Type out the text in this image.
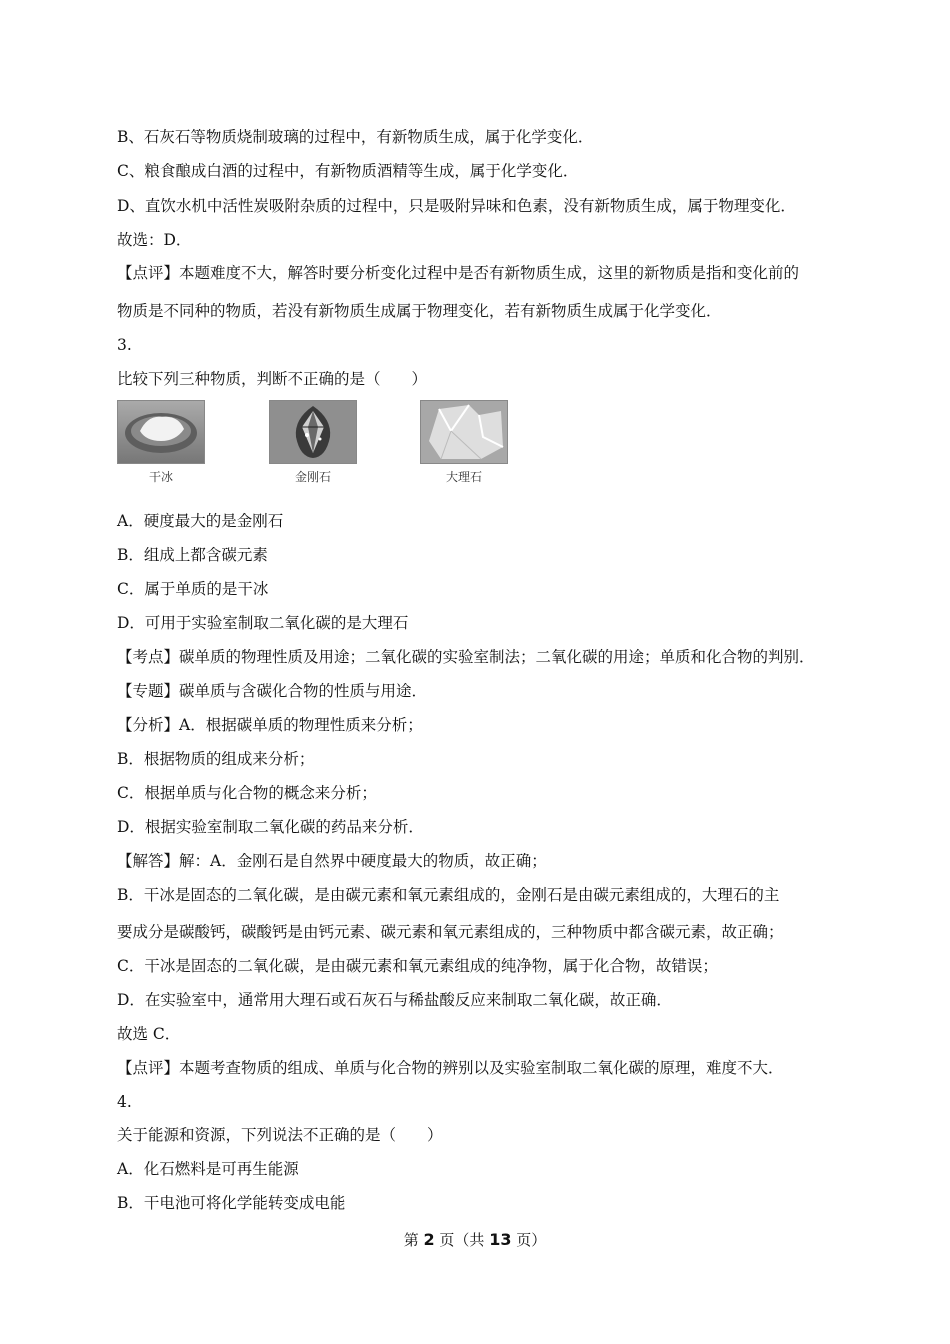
B、石灰石等物质烧制玻璃的过程中，有新物质生成，属于化学变化．
C、粮食酿成白酒的过程中，有新物质酒精等生成，属于化学变化．
D、直饮水机中活性炭吸附杂质的过程中，只是吸附异味和色素，没有新物质生成，属于物理变化．
故选：D．
【点评】本题难度不大，解答时要分析变化过程中是否有新物质生成，这里的新物质是指和变化前的
物质是不同种的物质，若没有新物质生成属于物理变化，若有新物质生成属于化学变化．
3.
比较下列三种物质，判断不正确的是（　　）
干冰	金刚石	大理石
A．硬度最大的是金刚石
B．组成上都含碳元素
C．属于单质的是干冰
D．可用于实验室制取二氧化碳的是大理石
【考点】碳单质的物理性质及用途；二氧化碳的实验室制法；二氧化碳的用途；单质和化合物的判别．
【专题】碳单质与含碳化合物的性质与用途．
【分析】A．根据碳单质的物理性质来分析；
B．根据物质的组成来分析；
C．根据单质与化合物的概念来分析；
D．根据实验室制取二氧化碳的药品来分析．
【解答】解：A．金刚石是自然界中硬度最大的物质，故正确；
B．干冰是固态的二氧化碳，是由碳元素和氧元素组成的，金刚石是由碳元素组成的，大理石的主
要成分是碳酸钙，碳酸钙是由钙元素、碳元素和氧元素组成的，三种物质中都含碳元素，故正确；
C．干冰是固态的二氧化碳，是由碳元素和氧元素组成的纯净物，属于化合物，故错误；
D．在实验室中，通常用大理石或石灰石与稀盐酸反应来制取二氧化碳，故正确．
故选 C．
【点评】本题考查物质的组成、单质与化合物的辨别以及实验室制取二氧化碳的原理，难度不大．
4.
关于能源和资源，下列说法不正确的是（　　）
A．化石燃料是可再生能源
B．干电池可将化学能转变成电能
第 2 页（共 13 页）
